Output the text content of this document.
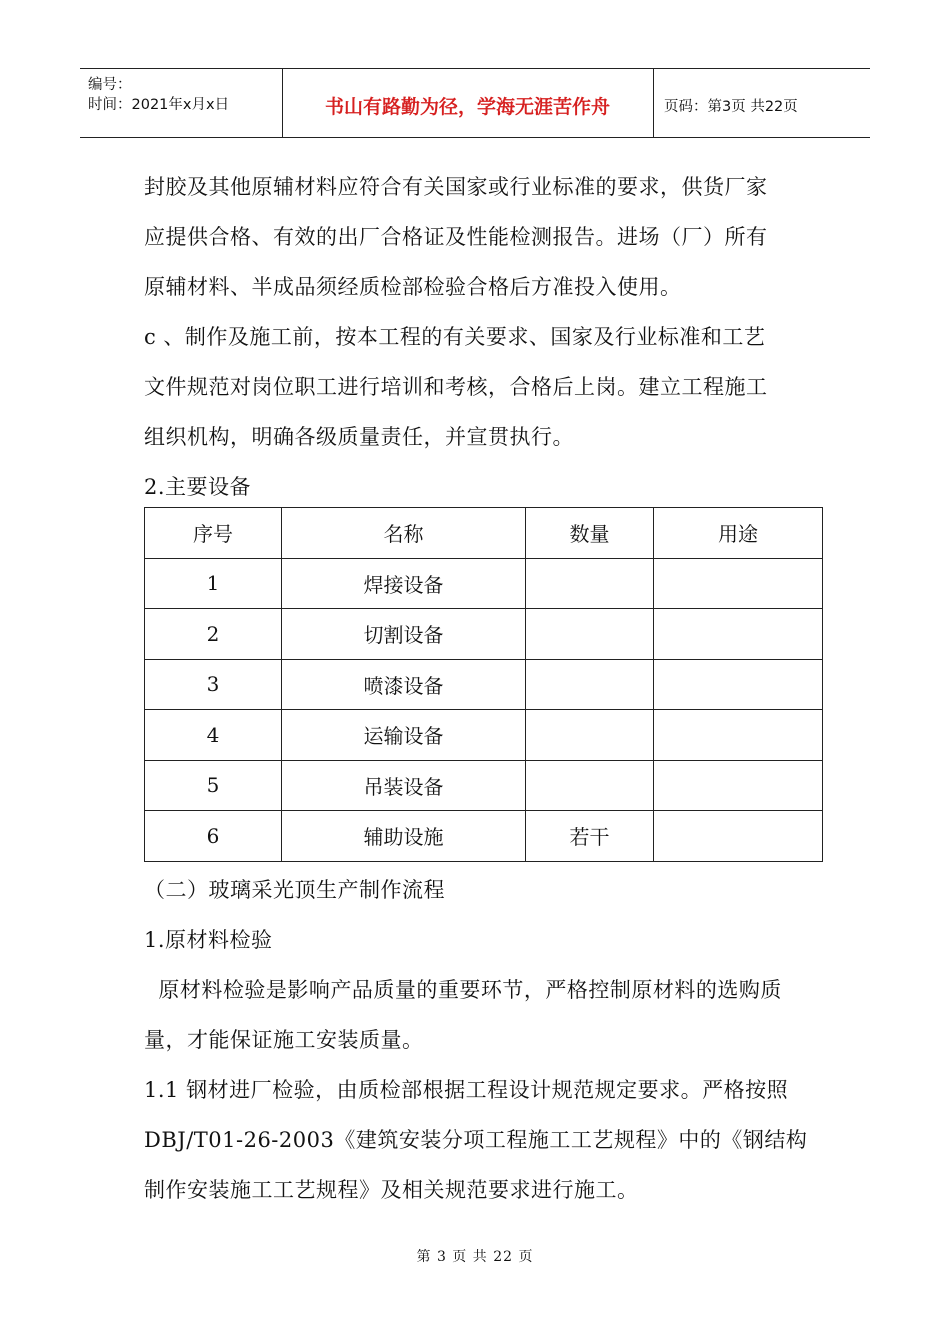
编号：
时间：2021年x月x日	书山有路勤为径，学海无涯苦作舟	页码：第3页 共22页
封胶及其他原辅材料应符合有关国家或行业标准的要求，供货厂家
应提供合格、有效的出厂合格证及性能检测报告。进场（厂）所有
原辅材料、半成品须经质检部检验合格后方准投入使用。
c 、制作及施工前，按本工程的有关要求、国家及行业标准和工艺
文件规范对岗位职工进行培训和考核，合格后上岗。建立工程施工
组织机构，明确各级质量责任，并宣贯执行。
2.主要设备
序号	名称	数量	用途
1	焊接设备		
2	切割设备		
3	喷漆设备		
4	运输设备		
5	吊装设备		
6	辅助设施	若干	
（二）玻璃采光顶生产制作流程
1.原材料检验
原材料检验是影响产品质量的重要环节，严格控制原材料的选购质
量，才能保证施工安装质量。
1.1 钢材进厂检验，由质检部根据工程设计规范规定要求。严格按照
DBJ/T01-26-2003《建筑安装分项工程施工工艺规程》中的《钢结构
制作安装施工工艺规程》及相关规范要求进行施工。
第 3 页 共 22 页
